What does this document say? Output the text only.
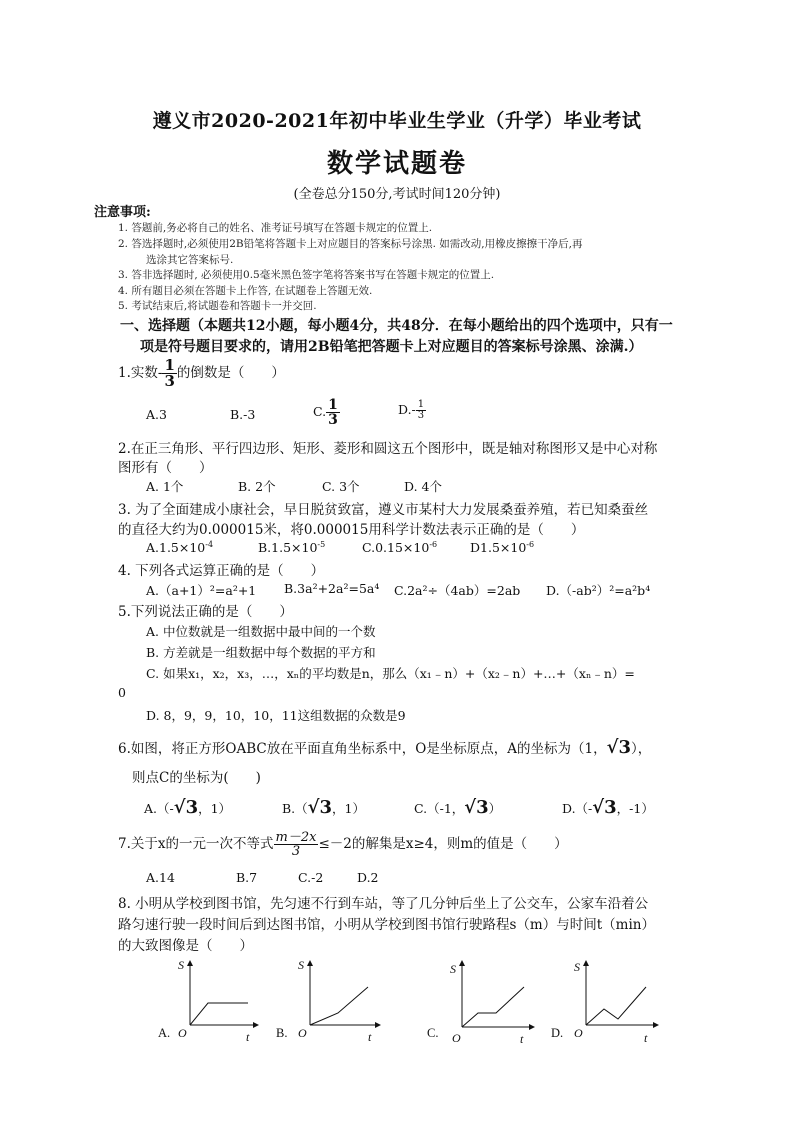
遵义市2020-2021年初中毕业生学业（升学）毕业考试
数学试题卷
(全卷总分150分,考试时间120分钟)
注意事项:
1. 答题前,务必将自己的姓名、准考证号填写在答题卡规定的位置上.
2. 答选择题时,必须使用2B铅笔将答题卡上对应题目的答案标号涂黑. 如需改动,用橡皮擦擦干净后,再
选涂其它答案标号.
3. 答非选择题时, 必须使用0.5毫米黑色签字笔将答案书写在答题卡规定的位置上.
4. 所有题目必须在答题卡上作答, 在试题卷上答题无效.
5. 考试结束后,将试题卷和答题卡一并交回.
一、选择题（本题共12小题，每小题4分，共48分．在每小题给出的四个选项中，只有一
项是符号题目要求的，请用2B铅笔把答题卡上对应题目的答案标号涂黑、涂满.）
1.实数- $\frac{1}{3}$ 的倒数是（　　）
A.3	B.-3	C. $\frac{1}{3}$	$D.- \frac{1}{3}$
2.在正三角形、平行四边形、矩形、菱形和圆这五个图形中，既是轴对称图形又是中心对称
图形有（　　）
A. 1个	B. 2个	C. 3个	D. 4个
3. 为了全面建成小康社会，早日脱贫致富，遵义市某村大力发展桑蚕养殖，若已知桑蚕丝
的直径大约为0.000015米，将0.000015用科学计数法表示正确的是（　　）
$A.1.5\times 10^{-4}$	$B.1.5\times 10^{-5}$	$C.0.15\times 10^{-6}$	$D1.5\times 10^{-6}$
4. 下列各式运算正确的是（　　）
A.（a+1）²=a²+1 B.3a²+2a²=5a⁴ C.2a²÷（4ab）=2ab D.（-ab²）²=a²b⁴
5.下列说法正确的是（　　）
A. 中位数就是一组数据中最中间的一个数
B. 方差就是一组数据中每个数据的平方和
C. 如果x₁，x₂，x₃，…，xₙ的平均数是n，那么（x₁﹣n）+（x₂﹣n）+…+（xₙ﹣n）=
0
D. 8，9，9，10，10，11这组数据的众数是9
6.如图，将正方形OABC放在平面直角坐标系中，O是坐标原点，A的坐标为（1，√3），
则点C的坐标为(　　)
A.（-√3，1）	B.（√3，1）	C.（-1，√3）	D.（-√3，-1）
7.关于x的一元一次不等式 $\frac{m-2x}{3} \le-2$的解集是x≥4，则m的值是（　　）
A.14	B.7	C.-2	D.2
8. 小明从学校到图书馆，先匀速不行到车站，等了几分钟后坐上了公交车，公家车沿着公
路匀速行驶一段时间后到达图书馆，小明从学校到图书馆行驶路程s（m）与时间t（min）
的大致图像是（　　）
A.
S
O	t B.
S
O	t	C.
S
O	t D.
S
O	t
